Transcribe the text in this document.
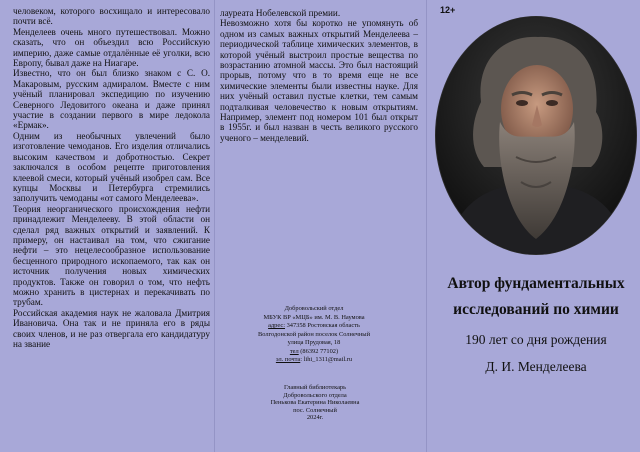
человеком, которого восхищало и интересовало почти всё.

Менделеев очень много путешествовал. Можно сказать, что он объездил всю Российскую империю, даже самые отдалённые её уголки, всю Европу, бывал даже на Ниагаре.

Известно, что он был близко знаком с С. О. Макаровым, русским адмиралом. Вместе с ним учёный планировал экспедицию по изучению Северного Ледовитого океана и даже принял участие в создании первого в мире ледокола «Ермак».

Одним из необычных увлечений было изготовление чемоданов. Его изделия отличались высоким качеством и добротностью. Секрет заключался в особом рецепте приготовления клеевой смеси, который учёный изобрел сам. Все купцы Москвы и Петербурга стремились заполучить чемоданы «от самого Менделеева».

Теория неорганического происхождения нефти принадлежит Менделееву. В этой области он сделал ряд важных открытий и заявлений. К примеру, он настаивал на том, что сжигание нефти – это нецелесообразное использование бесценного природного ископаемого, так как он источник получения новых химических продуктов. Также он говорил о том, что нефть можно хранить в цистернах и перекачивать по трубам.

Российская академия наук не жаловала Дмитрия Ивановича. Она так и не приняла его в ряды своих членов, и не раз отвергала его кандидатуру на звание

лауреата Нобелевской премии.

Невозможно хотя бы коротко не упомянуть об одном из самых важных открытий Менделеева – периодической таблице химических элементов, в которой учёный выстроил простые вещества по возрастанию атомной массы. Это был настоящий прорыв, потому что в то время еще не все химические элементы были известны науке. Для них учёный оставил пустые клетки, тем самым подталкивая человечество к новым открытиям. Например, элемент под номером 101 был открыт в 1955г. и был назван в честь великого русского ученого – менделевий.

Добровольский отдел
МБУК ВР «МЦБ» им. М. В. Наумова
адрес: 347358 Ростовская область
Волгодонской район поселок Солнечный
улица Прудовая, 18
тел (86392 77102)
эл. почта: lihi_1311@mail.ru
Главный библиотекарь
Добровольского отдела
Пенькова Екатерина Николаевна
пос. Солнечный
2024г.
12+
Автор фундаментальных
исследований по химии
190 лет со дня рождения
Д. И. Менделеева
